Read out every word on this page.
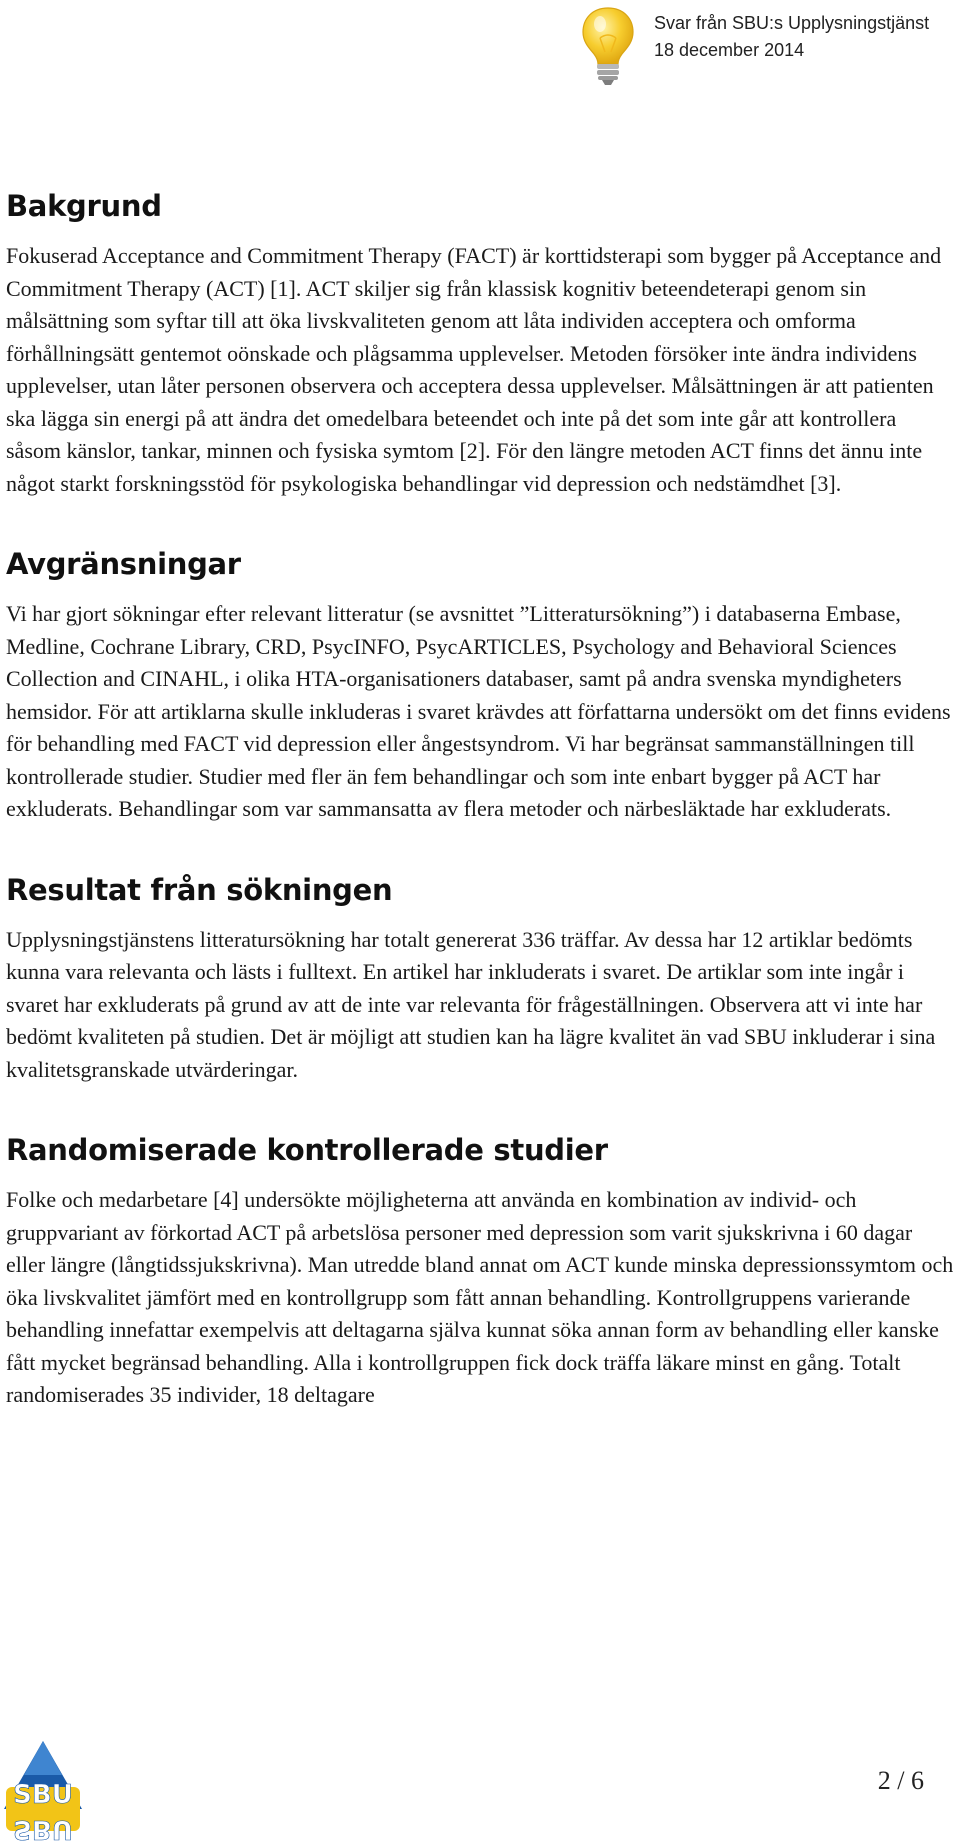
Svar från SBU:s Upplysningstjänst
18 december 2014
Bakgrund

Fokuserad Acceptance and Commitment Therapy (FACT) är korttidsterapi som bygger på Acceptance and Commitment Therapy (ACT) [1]. ACT skiljer sig från klassisk kognitiv beteendeterapi genom sin målsättning som syftar till att öka livskvaliteten genom att låta individen acceptera och omforma förhållningsätt gentemot oönskade och plågsamma upplevelser. Metoden försöker inte ändra individens upplevelser, utan låter personen observera och acceptera dessa upplevelser. Målsättningen är att patienten ska lägga sin energi på att ändra det omedelbara beteendet och inte på det som inte går att kontrollera såsom känslor, tankar, minnen och fysiska symtom [2]. För den längre metoden ACT finns det ännu inte något starkt forskningsstöd för psykologiska behandlingar vid depression och nedstämdhet [3].

Avgränsningar

Vi har gjort sökningar efter relevant litteratur (se avsnittet ”Litteratursökning”) i databaserna Embase, Medline, Cochrane Library, CRD, PsycINFO, PsycARTICLES, Psychology and Behavioral Sciences Collection and CINAHL, i olika HTA-organisationers databaser, samt på andra svenska myndigheters hemsidor. För att artiklarna skulle inkluderas i svaret krävdes att författarna undersökt om det finns evidens för behandling med FACT vid depression eller ångestsyndrom. Vi har begränsat sammanställningen till kontrollerade studier. Studier med fler än fem behandlingar och som inte enbart bygger på ACT har exkluderats. Behandlingar som var sammansatta av flera metoder och närbesläktade har exkluderats.

Resultat från sökningen

Upplysningstjänstens litteratursökning har totalt genererat 336 träffar. Av dessa har 12 artiklar bedömts kunna vara relevanta och lästs i fulltext. En artikel har inkluderats i svaret. De artiklar som inte ingår i svaret har exkluderats på grund av att de inte var relevanta för frågeställningen. Observera att vi inte har bedömt kvaliteten på studien. Det är möjligt att studien kan ha lägre kvalitet än vad SBU inkluderar i sina kvalitetsgranskade utvärderingar.

Randomiserade kontrollerade studier

Folke och medarbetare [4] undersökte möjligheterna att använda en kombination av individ- och gruppvariant av förkortad ACT på arbetslösa personer med depression som varit sjukskrivna i 60 dagar eller längre (långtidssjukskrivna). Man utredde bland annat om ACT kunde minska depressionssymtom och öka livskvalitet jämfört med en kontrollgrupp som fått annan behandling. Kontrollgruppens varierande behandling innefattar exempelvis att deltagarna själva kunnat söka annan form av behandling eller kanske fått mycket begränsad behandling. Alla i kontrollgruppen fick dock träffa läkare minst en gång. Totalt randomiserades 35 individer, 18 deltagare

SBU
SBU
2 / 6
